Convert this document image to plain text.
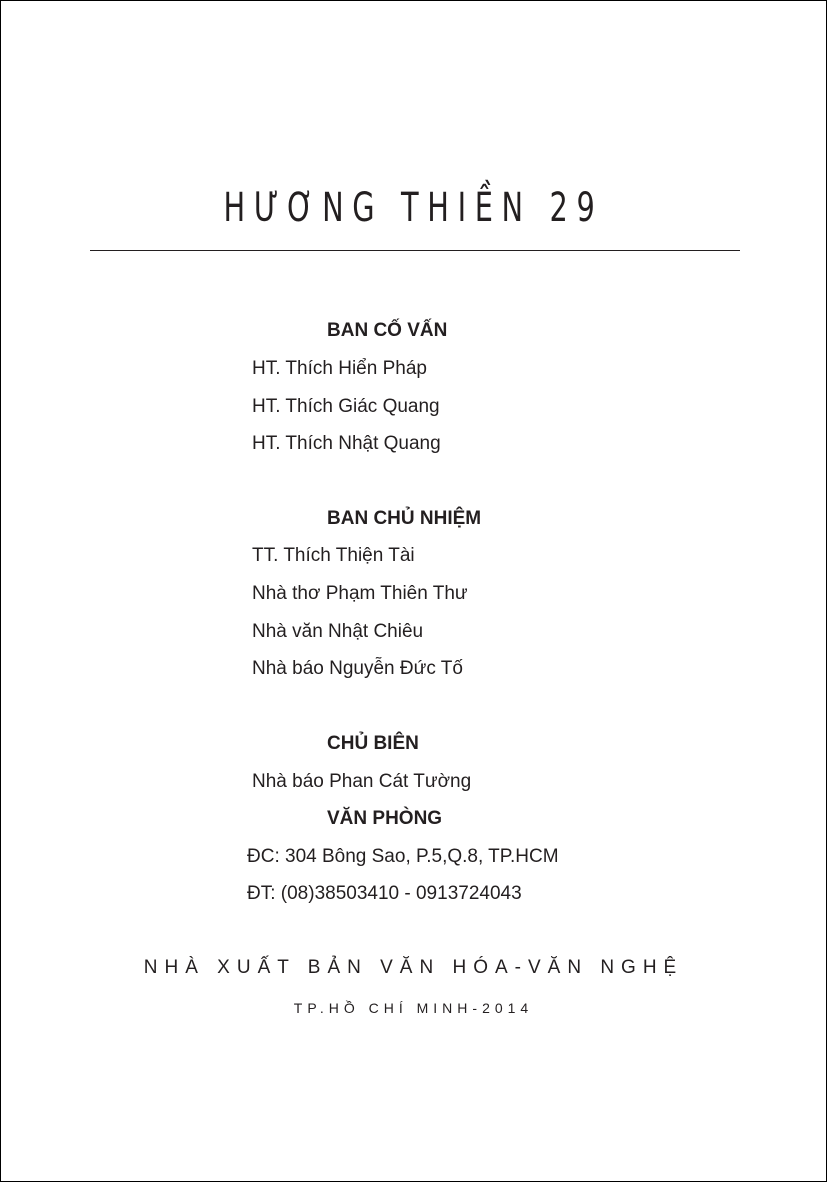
HƯƠNG THIỀN 29
BAN CỐ VẤN
HT. Thích Hiển Pháp
HT. Thích Giác Quang
HT. Thích Nhật Quang
BAN CHỦ NHIỆM
TT. Thích Thiện Tài
Nhà thơ Phạm Thiên Thư
Nhà văn Nhật Chiêu
Nhà báo Nguyễn Đức Tố
CHỦ BIÊN
Nhà báo Phan Cát Tường
VĂN PHÒNG
ĐC: 304 Bông Sao, P.5,Q.8, TP.HCM
ĐT: (08)38503410 - 0913724043
NHÀ XUẤT BẢN VĂN HÓA-VĂN NGHỆ
TP.HỒ CHÍ MINH-2014
